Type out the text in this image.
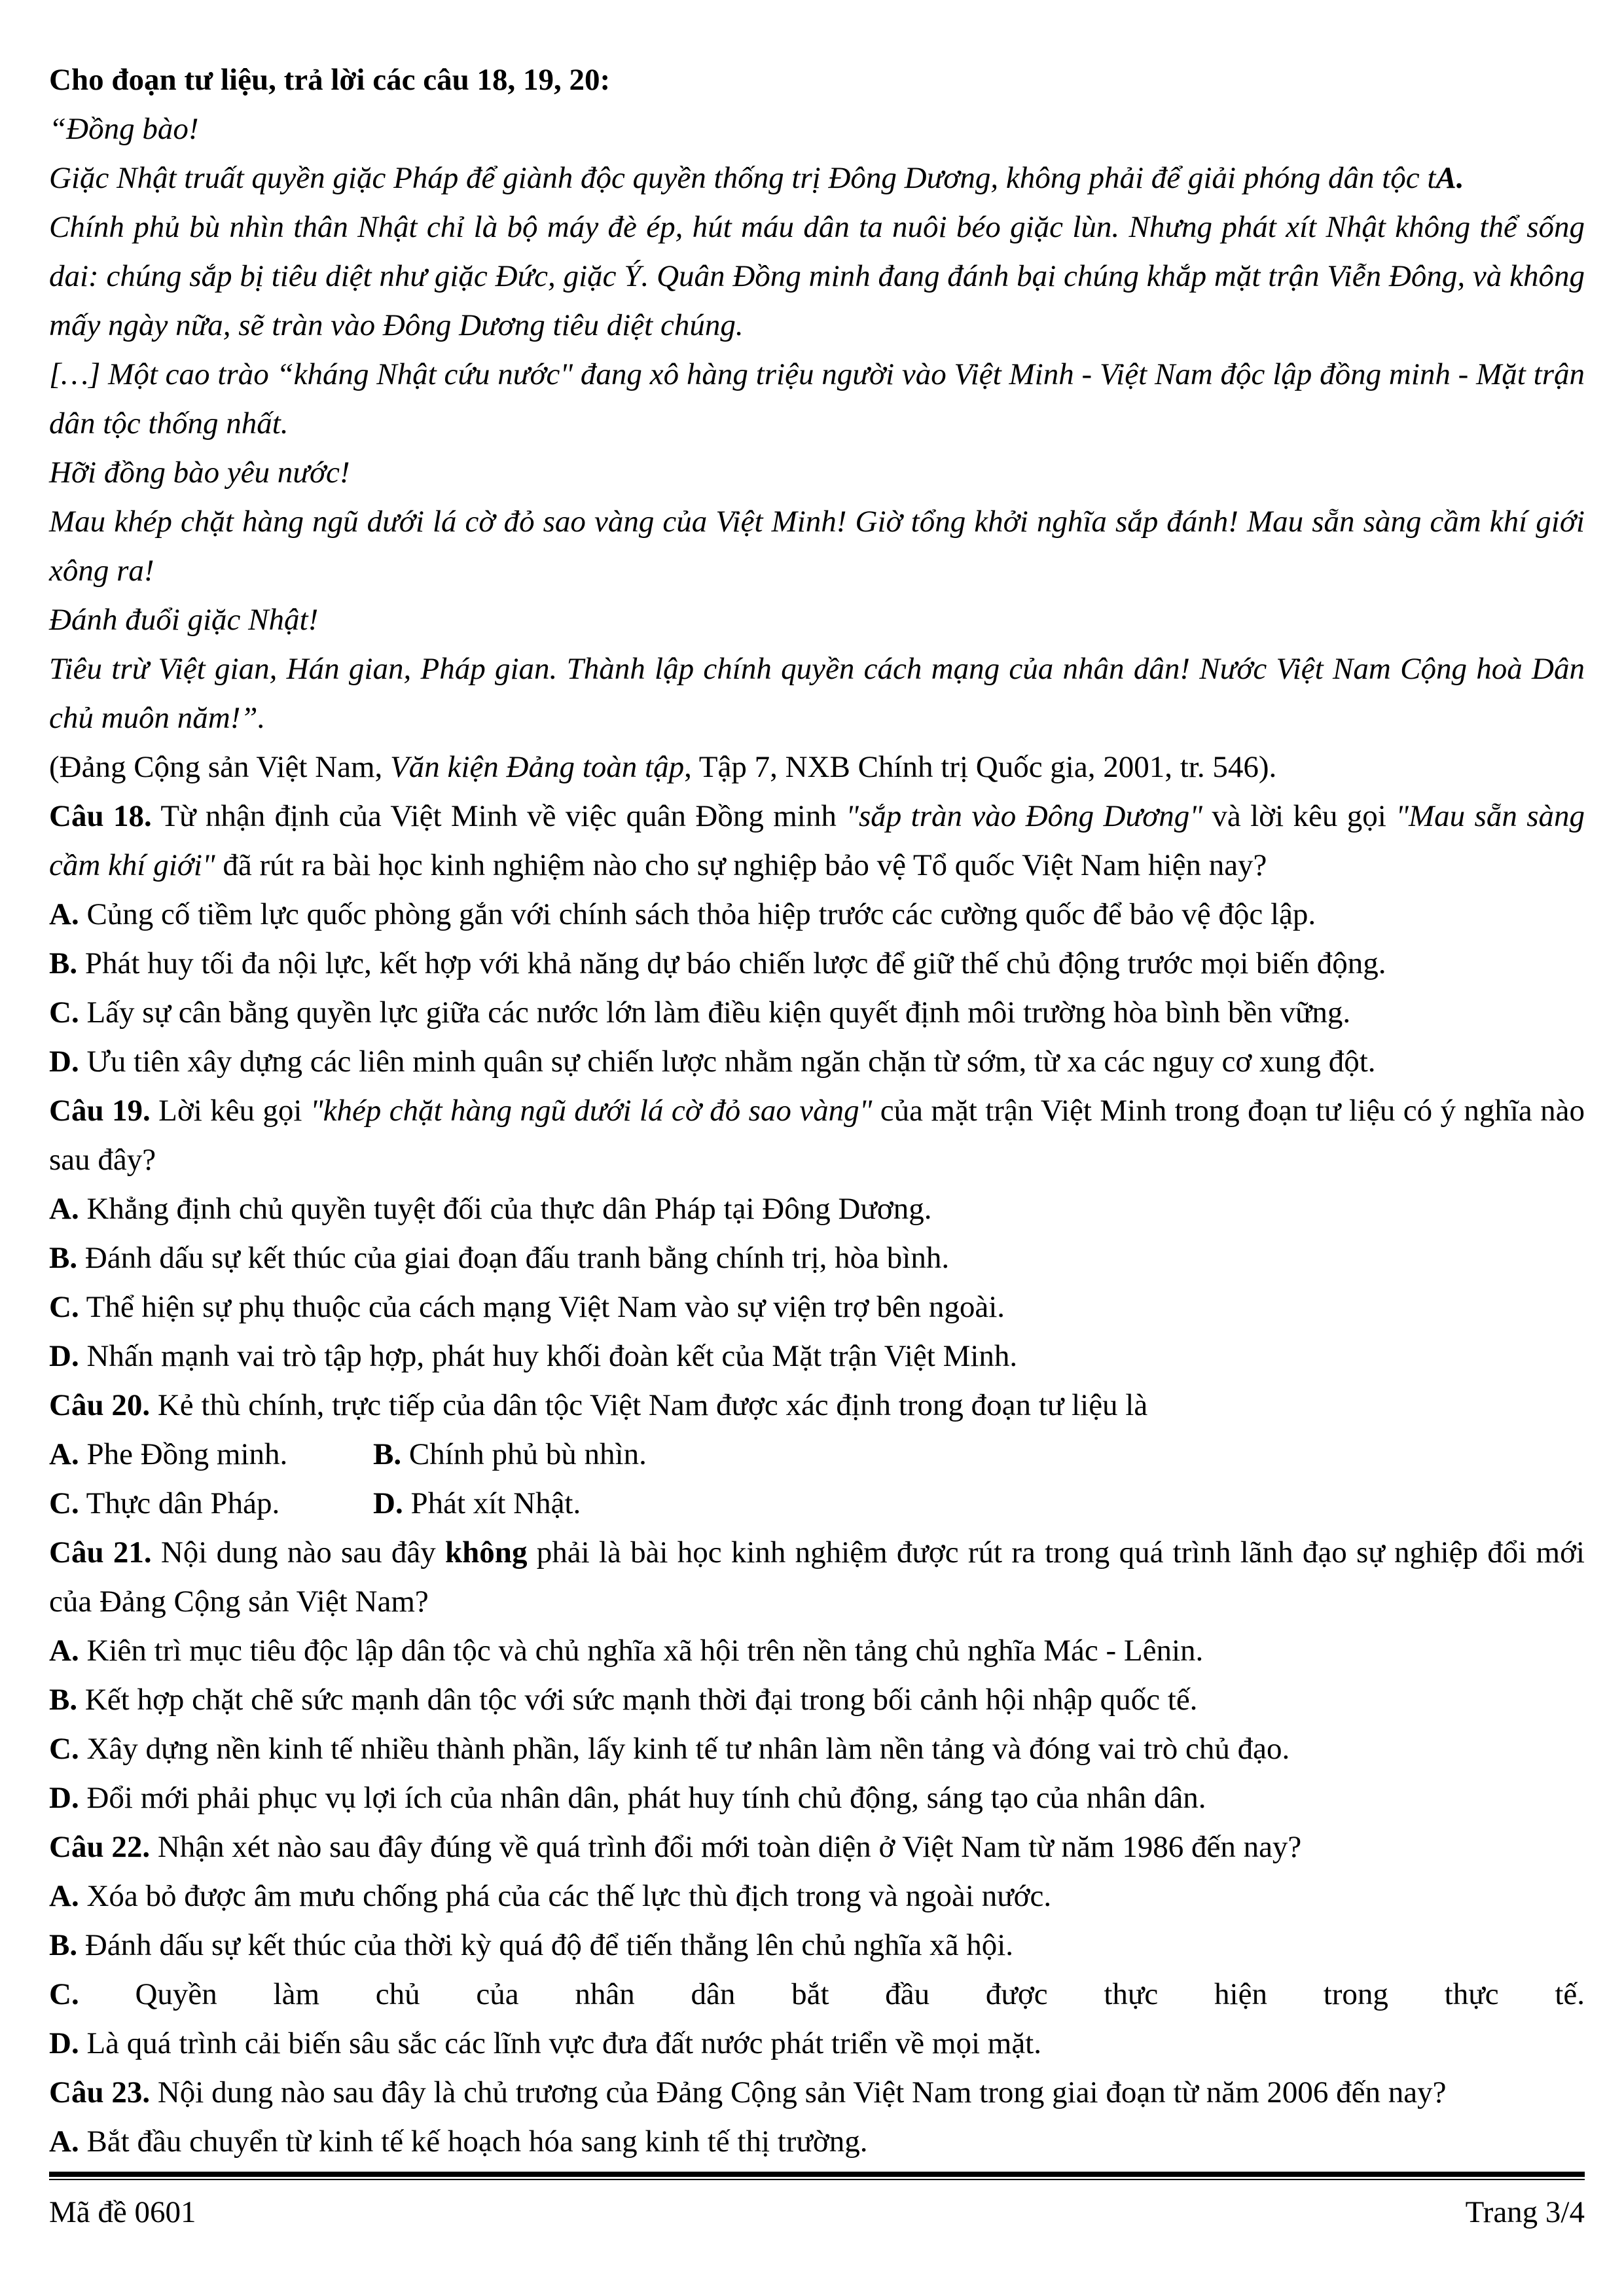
Cho đoạn tư liệu, trả lời các câu 18, 19, 20:

“Đồng bào!

Giặc Nhật truất quyền giặc Pháp để giành độc quyền thống trị Đông Dương, không phải để giải phóng dân tộc tA.

Chính phủ bù nhìn thân Nhật chỉ là bộ máy đè ép, hút máu dân ta nuôi béo giặc lùn. Nhưng phát xít Nhật không thể sống dai: chúng sắp bị tiêu diệt như giặc Đức, giặc Ý. Quân Đồng minh đang đánh bại chúng khắp mặt trận Viễn Đông, và không mấy ngày nữa, sẽ tràn vào Đông Dương tiêu diệt chúng.

[…] Một cao trào “kháng Nhật cứu nước" đang xô hàng triệu người vào Việt Minh - Việt Nam độc lập đồng minh - Mặt trận dân tộc thống nhất.

Hỡi đồng bào yêu nước!

Mau khép chặt hàng ngũ dưới lá cờ đỏ sao vàng của Việt Minh! Giờ tổng khởi nghĩa sắp đánh! Mau sẵn sàng cầm khí giới xông ra!

Đánh đuổi giặc Nhật!

Tiêu trừ Việt gian, Hán gian, Pháp gian. Thành lập chính quyền cách mạng của nhân dân! Nước Việt Nam Cộng hoà Dân chủ muôn năm!”.

(Đảng Cộng sản Việt Nam, Văn kiện Đảng toàn tập, Tập 7, NXB Chính trị Quốc gia, 2001, tr. 546).

Câu 18. Từ nhận định của Việt Minh về việc quân Đồng minh "sắp tràn vào Đông Dương" và lời kêu gọi "Mau sẵn sàng cầm khí giới" đã rút ra bài học kinh nghiệm nào cho sự nghiệp bảo vệ Tổ quốc Việt Nam hiện nay?

A. Củng cố tiềm lực quốc phòng gắn với chính sách thỏa hiệp trước các cường quốc để bảo vệ độc lập.

B. Phát huy tối đa nội lực, kết hợp với khả năng dự báo chiến lược để giữ thế chủ động trước mọi biến động.

C. Lấy sự cân bằng quyền lực giữa các nước lớn làm điều kiện quyết định môi trường hòa bình bền vững.

D. Ưu tiên xây dựng các liên minh quân sự chiến lược nhằm ngăn chặn từ sớm, từ xa các nguy cơ xung đột.

Câu 19. Lời kêu gọi "khép chặt hàng ngũ dưới lá cờ đỏ sao vàng" của mặt trận Việt Minh trong đoạn tư liệu có ý nghĩa nào sau đây?

A. Khẳng định chủ quyền tuyệt đối của thực dân Pháp tại Đông Dương.

B. Đánh dấu sự kết thúc của giai đoạn đấu tranh bằng chính trị, hòa bình.

C. Thể hiện sự phụ thuộc của cách mạng Việt Nam vào sự viện trợ bên ngoài.

D. Nhấn mạnh vai trò tập hợp, phát huy khối đoàn kết của Mặt trận Việt Minh.

Câu 20. Kẻ thù chính, trực tiếp của dân tộc Việt Nam được xác định trong đoạn tư liệu là

A. Phe Đồng minh.	B. Chính phủ bù nhìn.
C. Thực dân Pháp.	D. Phát xít Nhật.

Câu 21. Nội dung nào sau đây không phải là bài học kinh nghiệm được rút ra trong quá trình lãnh đạo sự nghiệp đổi mới của Đảng Cộng sản Việt Nam?

A. Kiên trì mục tiêu độc lập dân tộc và chủ nghĩa xã hội trên nền tảng chủ nghĩa Mác - Lênin.

B. Kết hợp chặt chẽ sức mạnh dân tộc với sức mạnh thời đại trong bối cảnh hội nhập quốc tế.

C. Xây dựng nền kinh tế nhiều thành phần, lấy kinh tế tư nhân làm nền tảng và đóng vai trò chủ đạo.

D. Đổi mới phải phục vụ lợi ích của nhân dân, phát huy tính chủ động, sáng tạo của nhân dân.

Câu 22. Nhận xét nào sau đây đúng về quá trình đổi mới toàn diện ở Việt Nam từ năm 1986 đến nay?

A. Xóa bỏ được âm mưu chống phá của các thế lực thù địch trong và ngoài nước.

B. Đánh dấu sự kết thúc của thời kỳ quá độ để tiến thẳng lên chủ nghĩa xã hội.

C. Quyền làm chủ của nhân dân bắt đầu được thực hiện trong thực tế.

D. Là quá trình cải biến sâu sắc các lĩnh vực đưa đất nước phát triển về mọi mặt.

Câu 23. Nội dung nào sau đây là chủ trương của Đảng Cộng sản Việt Nam trong giai đoạn từ năm 2006 đến nay?

A. Bắt đầu chuyển từ kinh tế kế hoạch hóa sang kinh tế thị trường.

Mã đề 0601	Trang 3/4
